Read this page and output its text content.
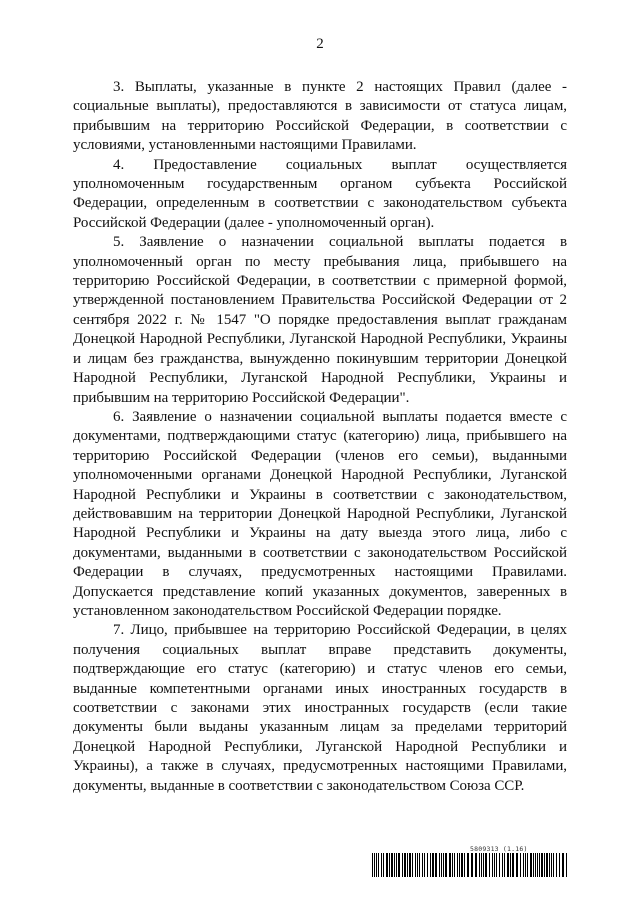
2

3. Выплаты, указанные в пункте 2 настоящих Правил (далее - социальные выплаты), предоставляются в зависимости от статуса лицам, прибывшим на территорию Российской Федерации, в соответствии с условиями, установленными настоящими Правилами.

4. Предоставление социальных выплат осуществляется уполномоченным государственным органом субъекта Российской Федерации, определенным в соответствии с законодательством субъекта Российской Федерации (далее - уполномоченный орган).

5. Заявление о назначении социальной выплаты подается в уполномоченный орган по месту пребывания лица, прибывшего на территорию Российской Федерации, в соответствии с примерной формой, утвержденной постановлением Правительства Российской Федерации от 2 сентября 2022 г. № 1547 "О порядке предоставления выплат гражданам Донецкой Народной Республики, Луганской Народной Республики, Украины и лицам без гражданства, вынужденно покинувшим территории Донецкой Народной Республики, Луганской Народной Республики, Украины и прибывшим на территорию Российской Федерации".

6. Заявление о назначении социальной выплаты подается вместе с документами, подтверждающими статус (категорию) лица, прибывшего на территорию Российской Федерации (членов его семьи), выданными уполномоченными органами Донецкой Народной Республики, Луганской Народной Республики и Украины в соответствии с законодательством, действовавшим на территории Донецкой Народной Республики, Луганской Народной Республики и Украины на дату выезда этого лица, либо с документами, выданными в соответствии с законодательством Российской Федерации в случаях, предусмотренных настоящими Правилами. Допускается представление копий указанных документов, заверенных в установленном законодательством Российской Федерации порядке.

7. Лицо, прибывшее на территорию Российской Федерации, в целях получения социальных выплат вправе представить документы, подтверждающие его статус (категорию) и статус членов его семьи, выданные компетентными органами иных иностранных государств в соответствии с законами этих иностранных государств (если такие документы были выданы указанным лицам за пределами территорий Донецкой Народной Республики, Луганской Народной Республики и Украины), а также в случаях, предусмотренных настоящими Правилами, документы, выданные в соответствии с законодательством Союза ССР.

5809313 (1.16)
